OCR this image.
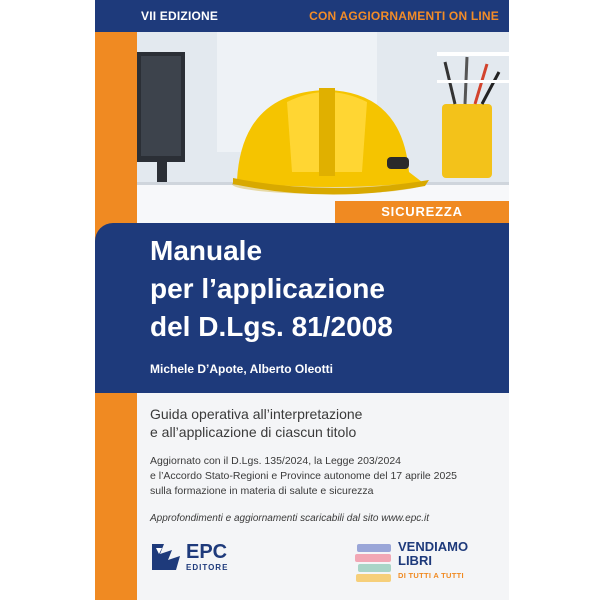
VII EDIZIONE	CON AGGIORNAMENTI ON LINE
SICUREZZA
Manuale
per l’applicazione
del D.Lgs. 81/2008
Michele D’Apote, Alberto Oleotti
Guida operativa all’interpretazione
e all’applicazione di ciascun titolo
Aggiornato con il D.Lgs. 135/2024, la Legge 203/2024
e l’Accordo Stato-Regioni e Province autonome del 17 aprile 2025
sulla formazione in materia di salute e sicurezza
Approfondimenti e aggiornamenti scaricabili dal sito www.epc.it
EPC
EDITORE
VENDIAMO
LIBRI
DI TUTTI A TUTTI
